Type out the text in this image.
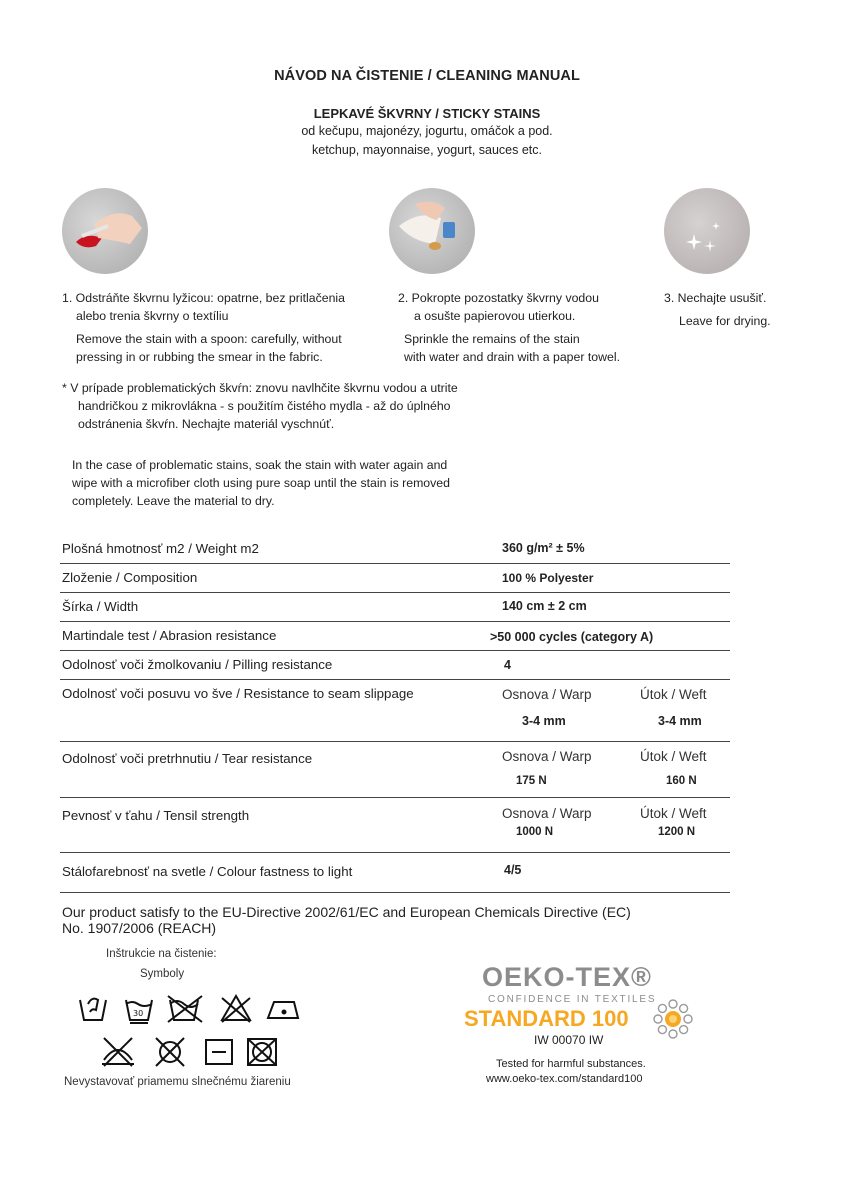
NÁVOD NA ČISTENIE / CLEANING MANUAL
LEPKAVÉ ŠKVRNY / STICKY STAINS
od kečupu, majonézy, jogurtu, omáčok a pod.
ketchup, mayonnaise, yogurt, sauces etc.
1. Odstráňte škvrnu lyžicou: opatrne, bez pritlačenia
alebo trenia škvrny o textíliu
Remove the stain with a spoon: carefully, without
pressing in or rubbing the smear in the fabric.
2. Pokropte pozostatky škvrny vodou
a osušte papierovou utierkou.
Sprinkle the remains of the stain
with water and drain with a paper towel.
3. Nechajte usušiť.
Leave for drying.
* V prípade problematických škvŕn: znovu navlhčite škvrnu vodou a utrite
handričkou z mikrovlákna - s použitím čistého mydla - až do úplného
odstránenia škvŕn. Nechajte materiál vyschnúť.
In the case of problematic stains, soak the stain with water again and
wipe with a microfiber cloth using pure soap until the stain is removed
completely. Leave the material to dry.
Plošná hmotnosť m2 / Weight m2	360 g/m² ± 5%
Zloženie / Composition	100 % Polyester
Šírka / Width	140 cm ± 2 cm
Martindale test / Abrasion resistance	>50 000 cycles (category A)
Odolnosť voči žmolkovaniu / Pilling resistance	4
Odolnosť voči posuvu vo šve / Resistance to seam slippage	Osnova / Warp	Útok / Weft
3-4 mm	3-4 mm
Odolnosť voči pretrhnutiu / Tear resistance	Osnova / Warp	Útok / Weft
175 N	160 N
Pevnosť v ťahu / Tensil strength	Osnova / Warp	Útok / Weft
1000 N	1200 N
Stálofarebnosť na svetle / Colour fastness to light	4/5
Our product satisfy to the EU-Directive 2002/61/EC and European Chemicals Directive (EC)
No. 1907/2006 (REACH)
Inštrukcie na čistenie:
Symboly
30
Nevystavovať priamemu slnečnému žiareniu
OEKO-TEX®
CONFIDENCE IN TEXTILES
STANDARD 100
IW 00070 IW
Tested for harmful substances.
www.oeko-tex.com/standard100
